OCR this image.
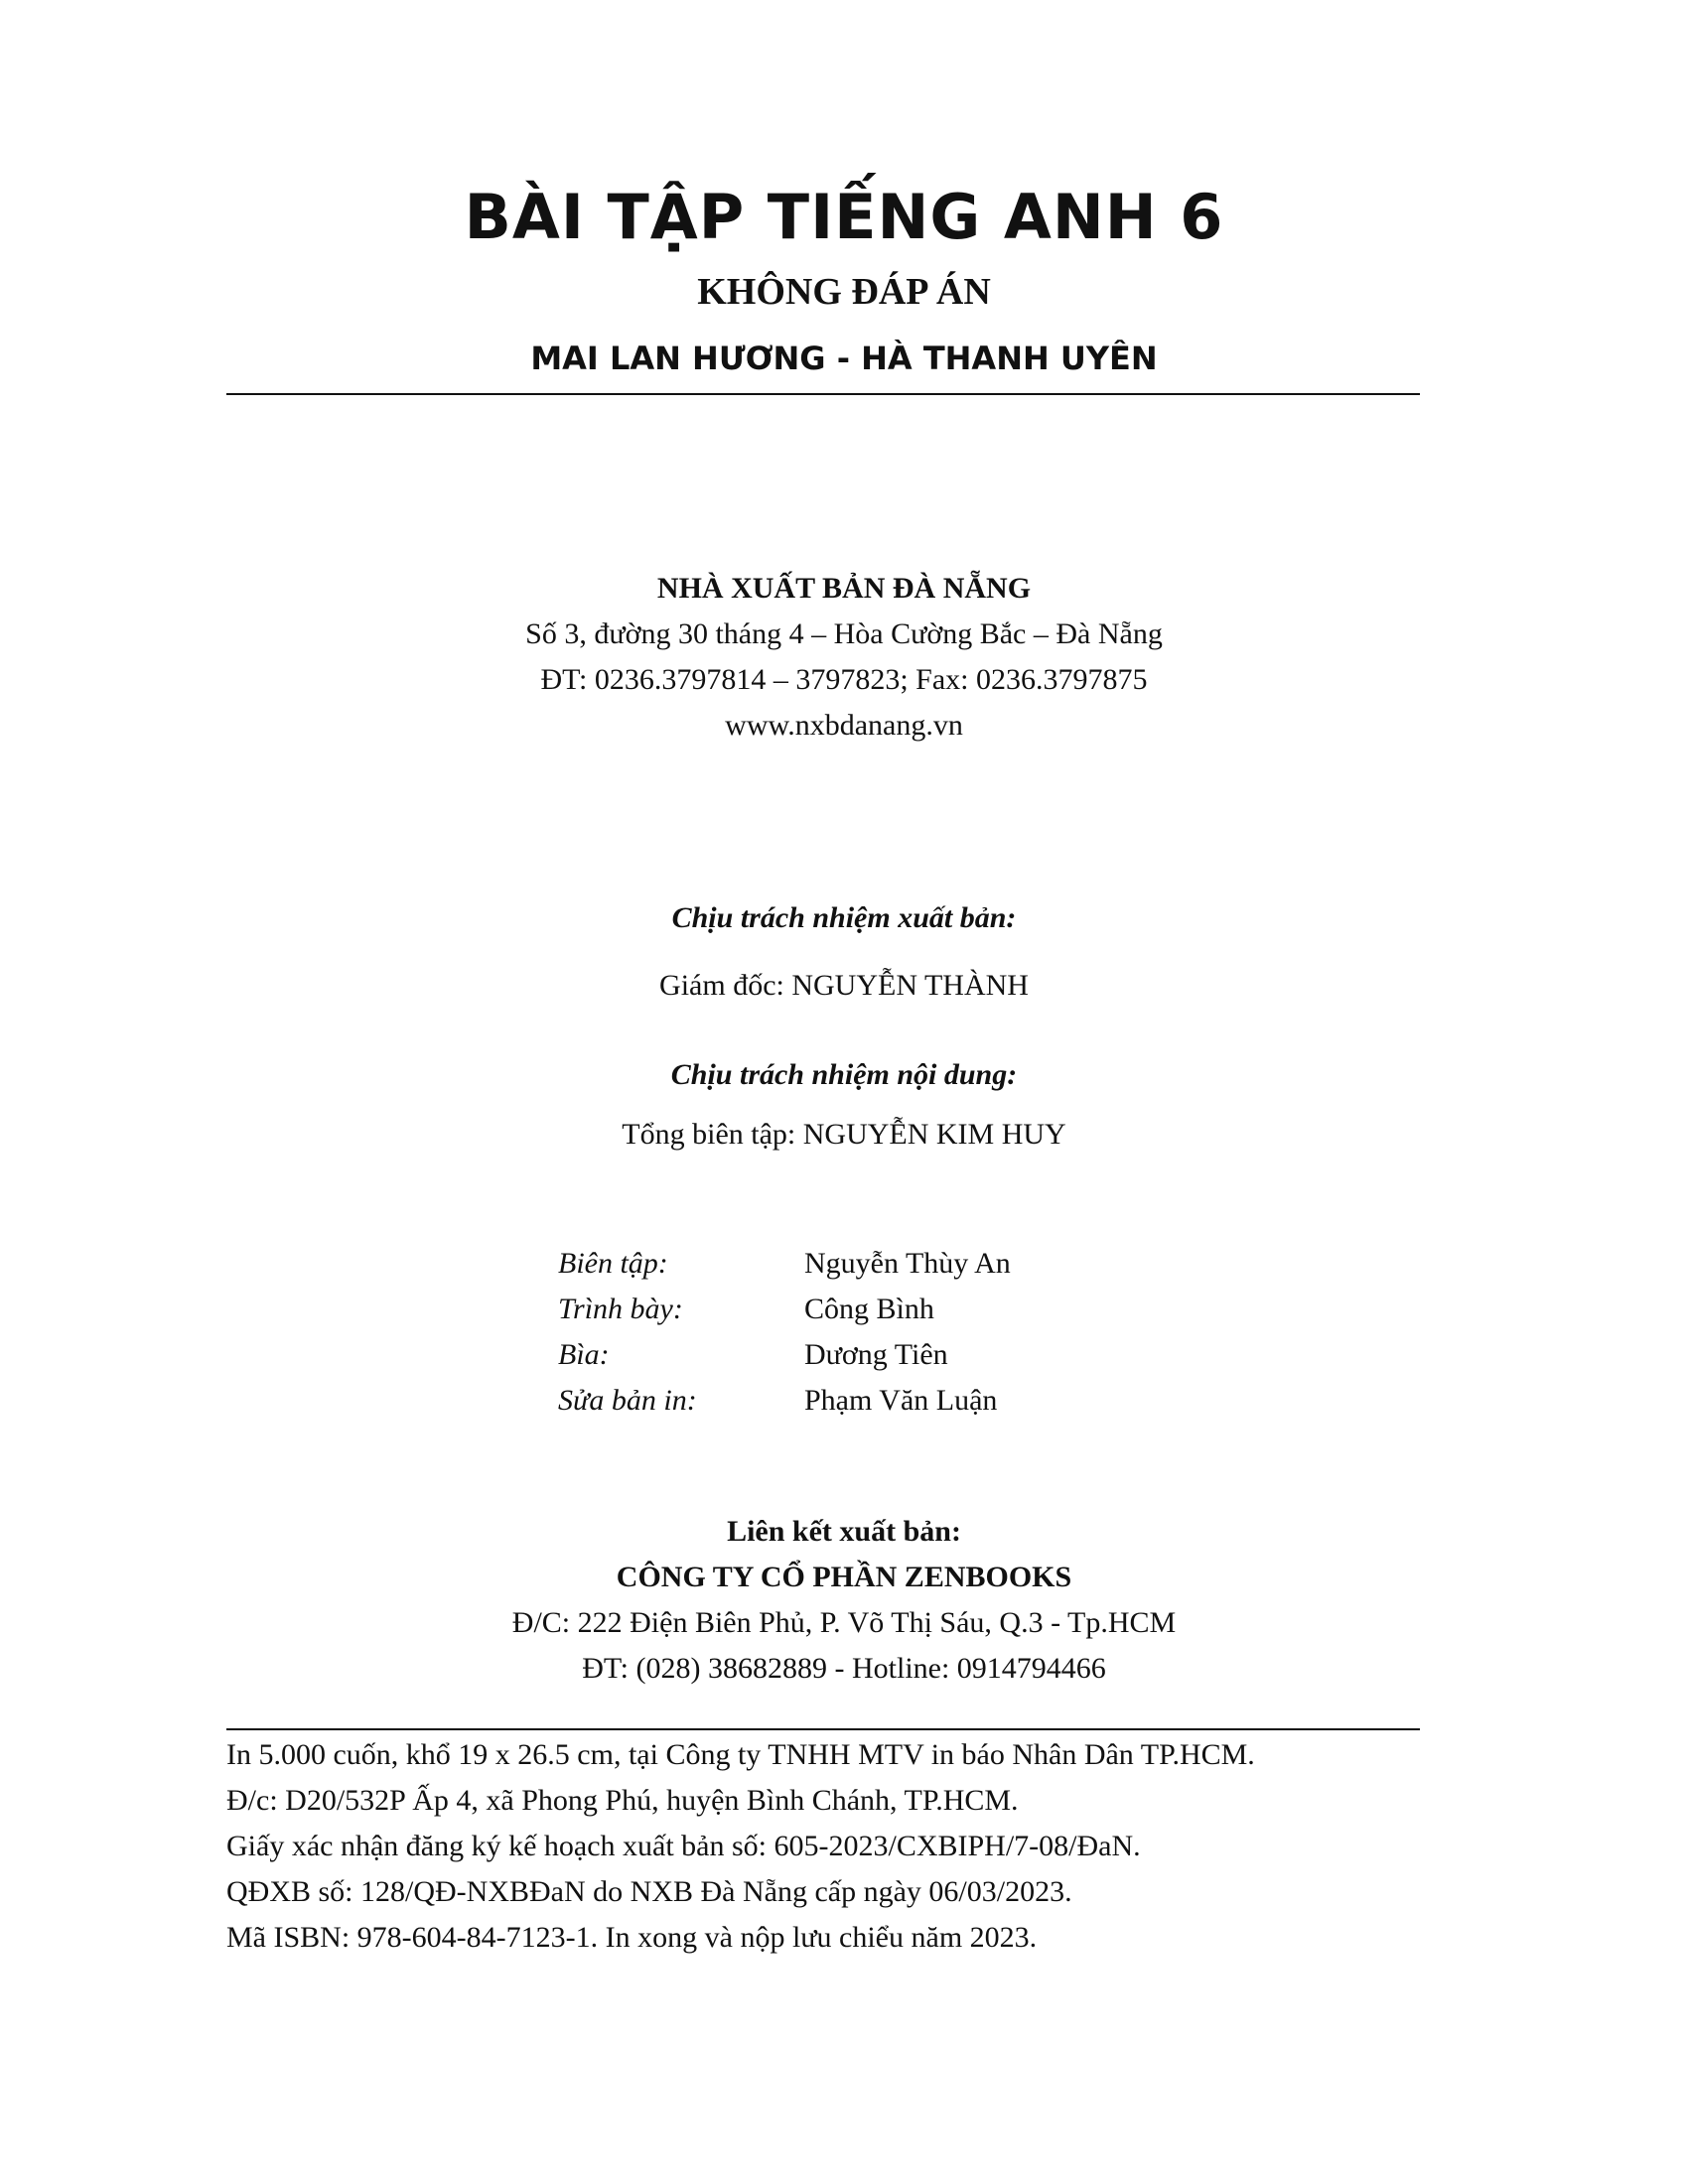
BÀI TẬP TIẾNG ANH 6
KHÔNG ĐÁP ÁN
MAI LAN HƯƠNG - HÀ THANH UYÊN
NHÀ XUẤT BẢN ĐÀ NẴNG
Số 3, đường 30 tháng 4 – Hòa Cường Bắc – Đà Nẵng
ĐT: 0236.3797814 – 3797823; Fax: 0236.3797875
www.nxbdanang.vn
Chịu trách nhiệm xuất bản:
Giám đốc: NGUYỄN THÀNH
Chịu trách nhiệm nội dung:
Tổng biên tập: NGUYỄN KIM HUY
Biên tập:	Nguyễn Thùy An
Trình bày:	Công Bình
Bìa:	Dương Tiên
Sửa bản in:	Phạm Văn Luận
Liên kết xuất bản:
CÔNG TY CỔ PHẦN ZENBOOKS
Đ/C: 222 Điện Biên Phủ, P. Võ Thị Sáu, Q.3 - Tp.HCM
ĐT: (028) 38682889 - Hotline: 0914794466
In 5.000 cuốn, khổ 19 x 26.5 cm, tại Công ty TNHH MTV in báo Nhân Dân TP.HCM.
Đ/c: D20/532P Ấp 4, xã Phong Phú, huyện Bình Chánh, TP.HCM.
Giấy xác nhận đăng ký kế hoạch xuất bản số: 605-2023/CXBIPH/7-08/ĐaN.
QĐXB số: 128/QĐ-NXBĐaN do NXB Đà Nẵng cấp ngày 06/03/2023.
Mã ISBN: 978-604-84-7123-1. In xong và nộp lưu chiểu năm 2023.
